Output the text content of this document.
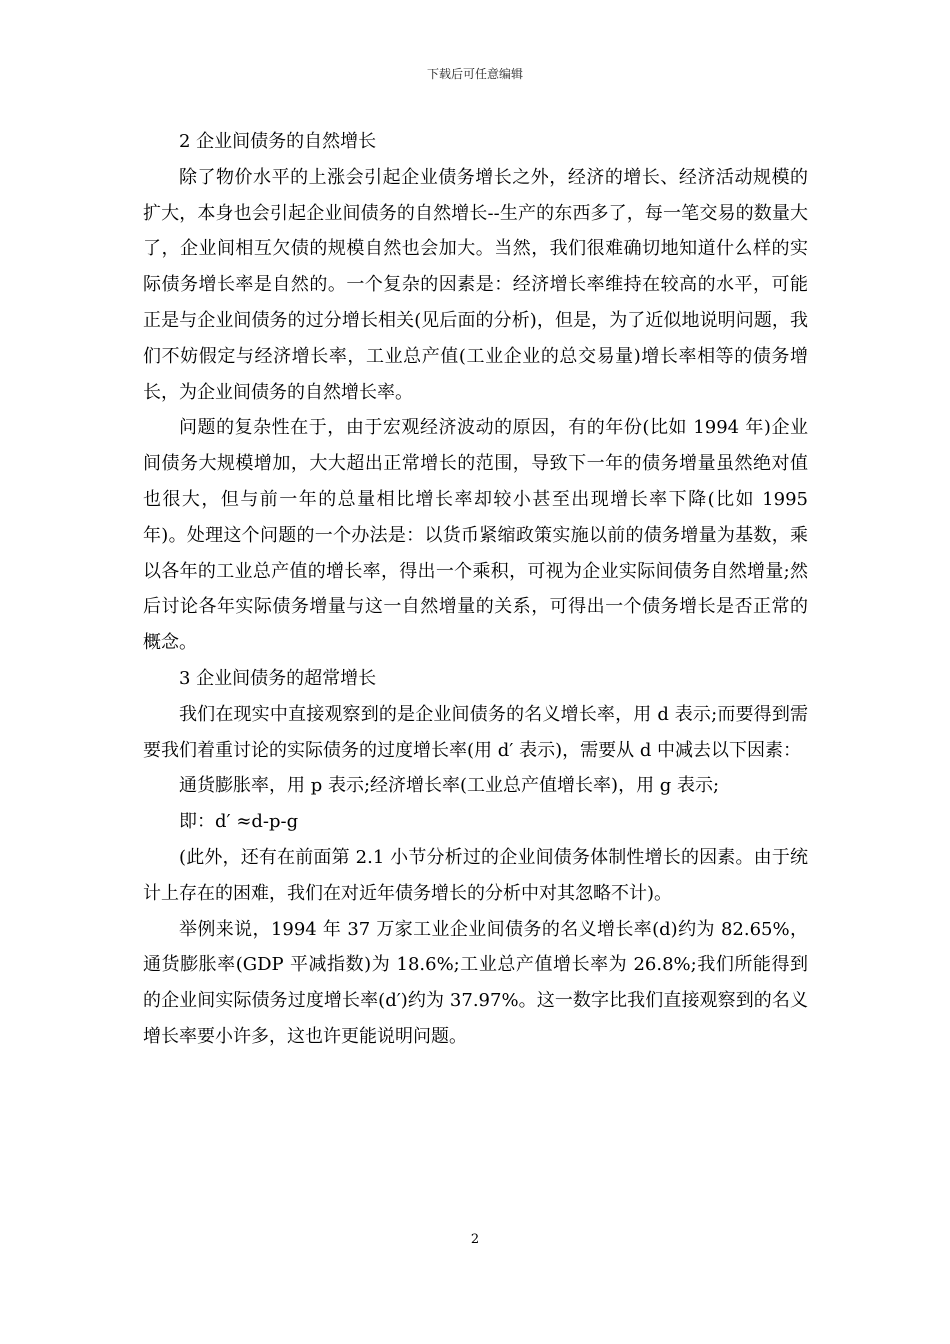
下载后可任意编辑

2 企业间债务的自然增长

除了物价水平的上涨会引起企业债务增长之外，经济的增长、经济活动规模的扩大，本身也会引起企业间债务的自然增长--生产的东西多了，每一笔交易的数量大了，企业间相互欠债的规模自然也会加大。当然，我们很难确切地知道什么样的实际债务增长率是自然的。一个复杂的因素是：经济增长率维持在较高的水平，可能正是与企业间债务的过分增长相关(见后面的分析)，但是，为了近似地说明问题，我们不妨假定与经济增长率，工业总产值(工业企业的总交易量)增长率相等的债务增长，为企业间债务的自然增长率。

问题的复杂性在于，由于宏观经济波动的原因，有的年份(比如 1994 年)企业间债务大规模增加，大大超出正常增长的范围，导致下一年的债务增量虽然绝对值也很大，但与前一年的总量相比增长率却较小甚至出现增长率下降(比如 1995 年)。处理这个问题的一个办法是：以货币紧缩政策实施以前的债务增量为基数，乘以各年的工业总产值的增长率，得出一个乘积，可视为企业实际间债务自然增量;然后讨论各年实际债务增量与这一自然增量的关系，可得出一个债务增长是否正常的概念。

3 企业间债务的超常增长

我们在现实中直接观察到的是企业间债务的名义增长率，用 d 表示;而要得到需要我们着重讨论的实际债务的过度增长率(用 d′ 表示)，需要从 d 中减去以下因素：

通货膨胀率，用 p 表示;经济增长率(工业总产值增长率)，用 g 表示;

即：d′ ≈d-p-g

(此外，还有在前面第 2.1 小节分析过的企业间债务体制性增长的因素。由于统计上存在的困难，我们在对近年债务增长的分析中对其忽略不计)。

举例来说，1994 年 37 万家工业企业间债务的名义增长率(d)约为 82.65%，通货膨胀率(GDP 平减指数)为 18.6%;工业总产值增长率为 26.8%;我们所能得到的企业间实际债务过度增长率(d′)约为 37.97%。这一数字比我们直接观察到的名义增长率要小许多，这也许更能说明问题。

2
